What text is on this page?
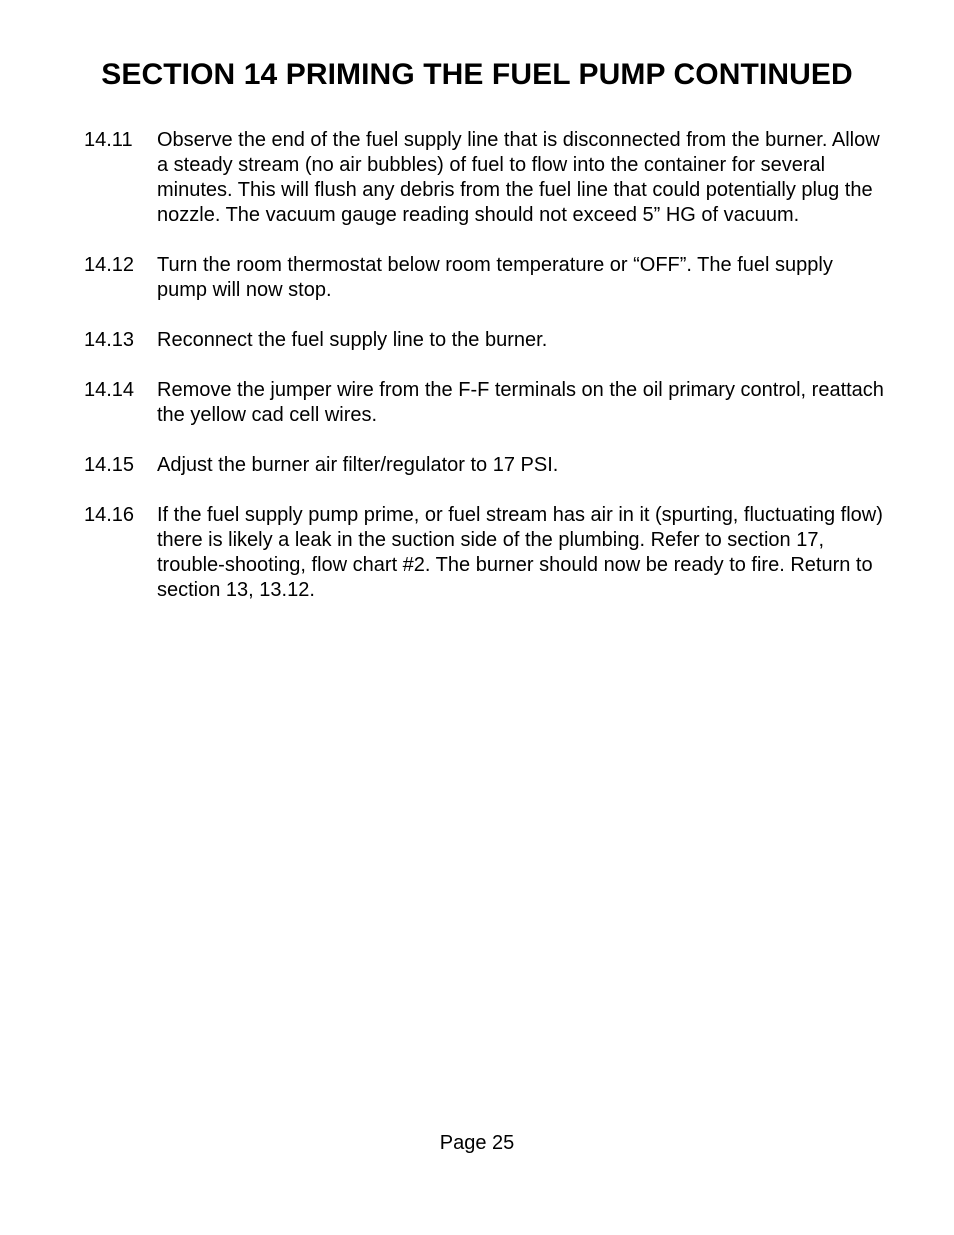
SECTION 14 PRIMING THE FUEL PUMP CONTINUED
14.11	Observe the end of the fuel supply line that is disconnected from the burner. Allow a steady stream (no air bubbles) of fuel to flow into the container for several minutes. This will flush any debris from the fuel line that could potentially plug the nozzle. The vacuum gauge reading should not exceed 5” HG of vacuum.
14.12	Turn the room thermostat below room temperature or “OFF”. The fuel supply pump will now stop.
14.13	Reconnect the fuel supply line to the burner.
14.14	Remove the jumper wire from the F-F terminals on the oil primary control, reattach the yellow cad cell wires.
14.15	Adjust the burner air filter/regulator to 17 PSI.
14.16	If the fuel supply pump prime, or fuel stream has air in it (spurting, fluctuating flow) there is likely a leak in the suction side of the plumbing. Refer to section 17, trouble-shooting, flow chart #2. The burner should now be ready to fire. Return to section 13, 13.12.
Page 25
